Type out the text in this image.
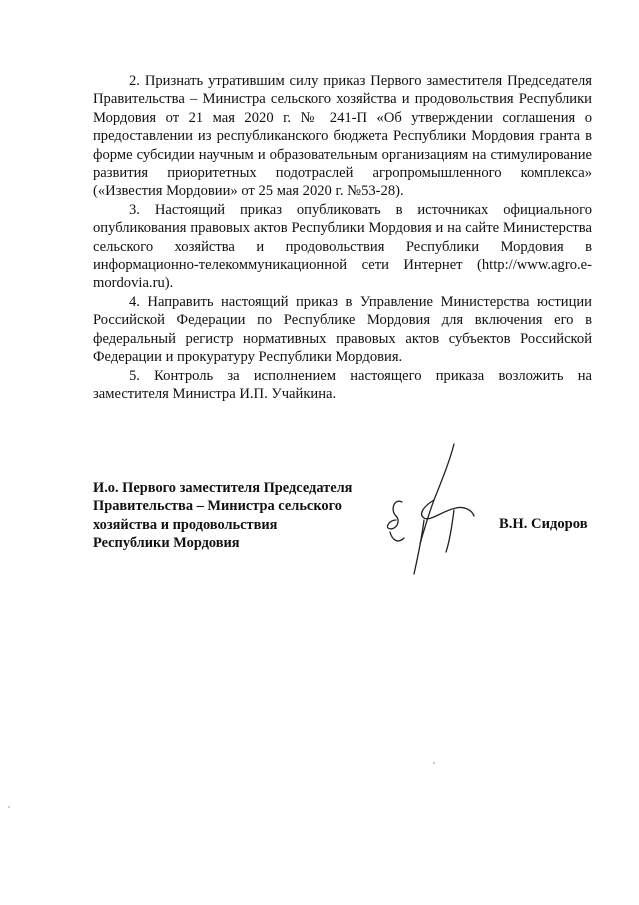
2. Признать утратившим силу приказ Первого заместителя Председателя Правительства – Министра сельского хозяйства и продовольствия Республики Мордовия от 21 мая 2020 г. № 241-П «Об утверждении соглашения о предоставлении из республиканского бюджета Республики Мордовия гранта в форме субсидии научным и образовательным организациям на стимулирование развития приоритетных подотраслей агропромышленного комплекса» («Известия Мордовии» от 25 мая 2020 г. №53-28).

3. Настоящий приказ опубликовать в источниках официального опубликования правовых актов Республики Мордовия и на сайте Министерства сельского хозяйства и продовольствия Республики Мордовия в информационно-телекоммуникационной сети Интернет (http://www.agro.e-mordovia.ru).

4. Направить настоящий приказ в Управление Министерства юстиции Российской Федерации по Республике Мордовия для включения его в федеральный регистр нормативных правовых актов субъектов Российской Федерации и прокуратуру Республики Мордовия.

5. Контроль за исполнением настоящего приказа возложить на заместителя Министра И.П. Учайкина.

И.о. Первого заместителя Председателя
Правительства – Министра сельского
хозяйства и продовольствия
Республики Мордовия
В.Н. Сидоров
